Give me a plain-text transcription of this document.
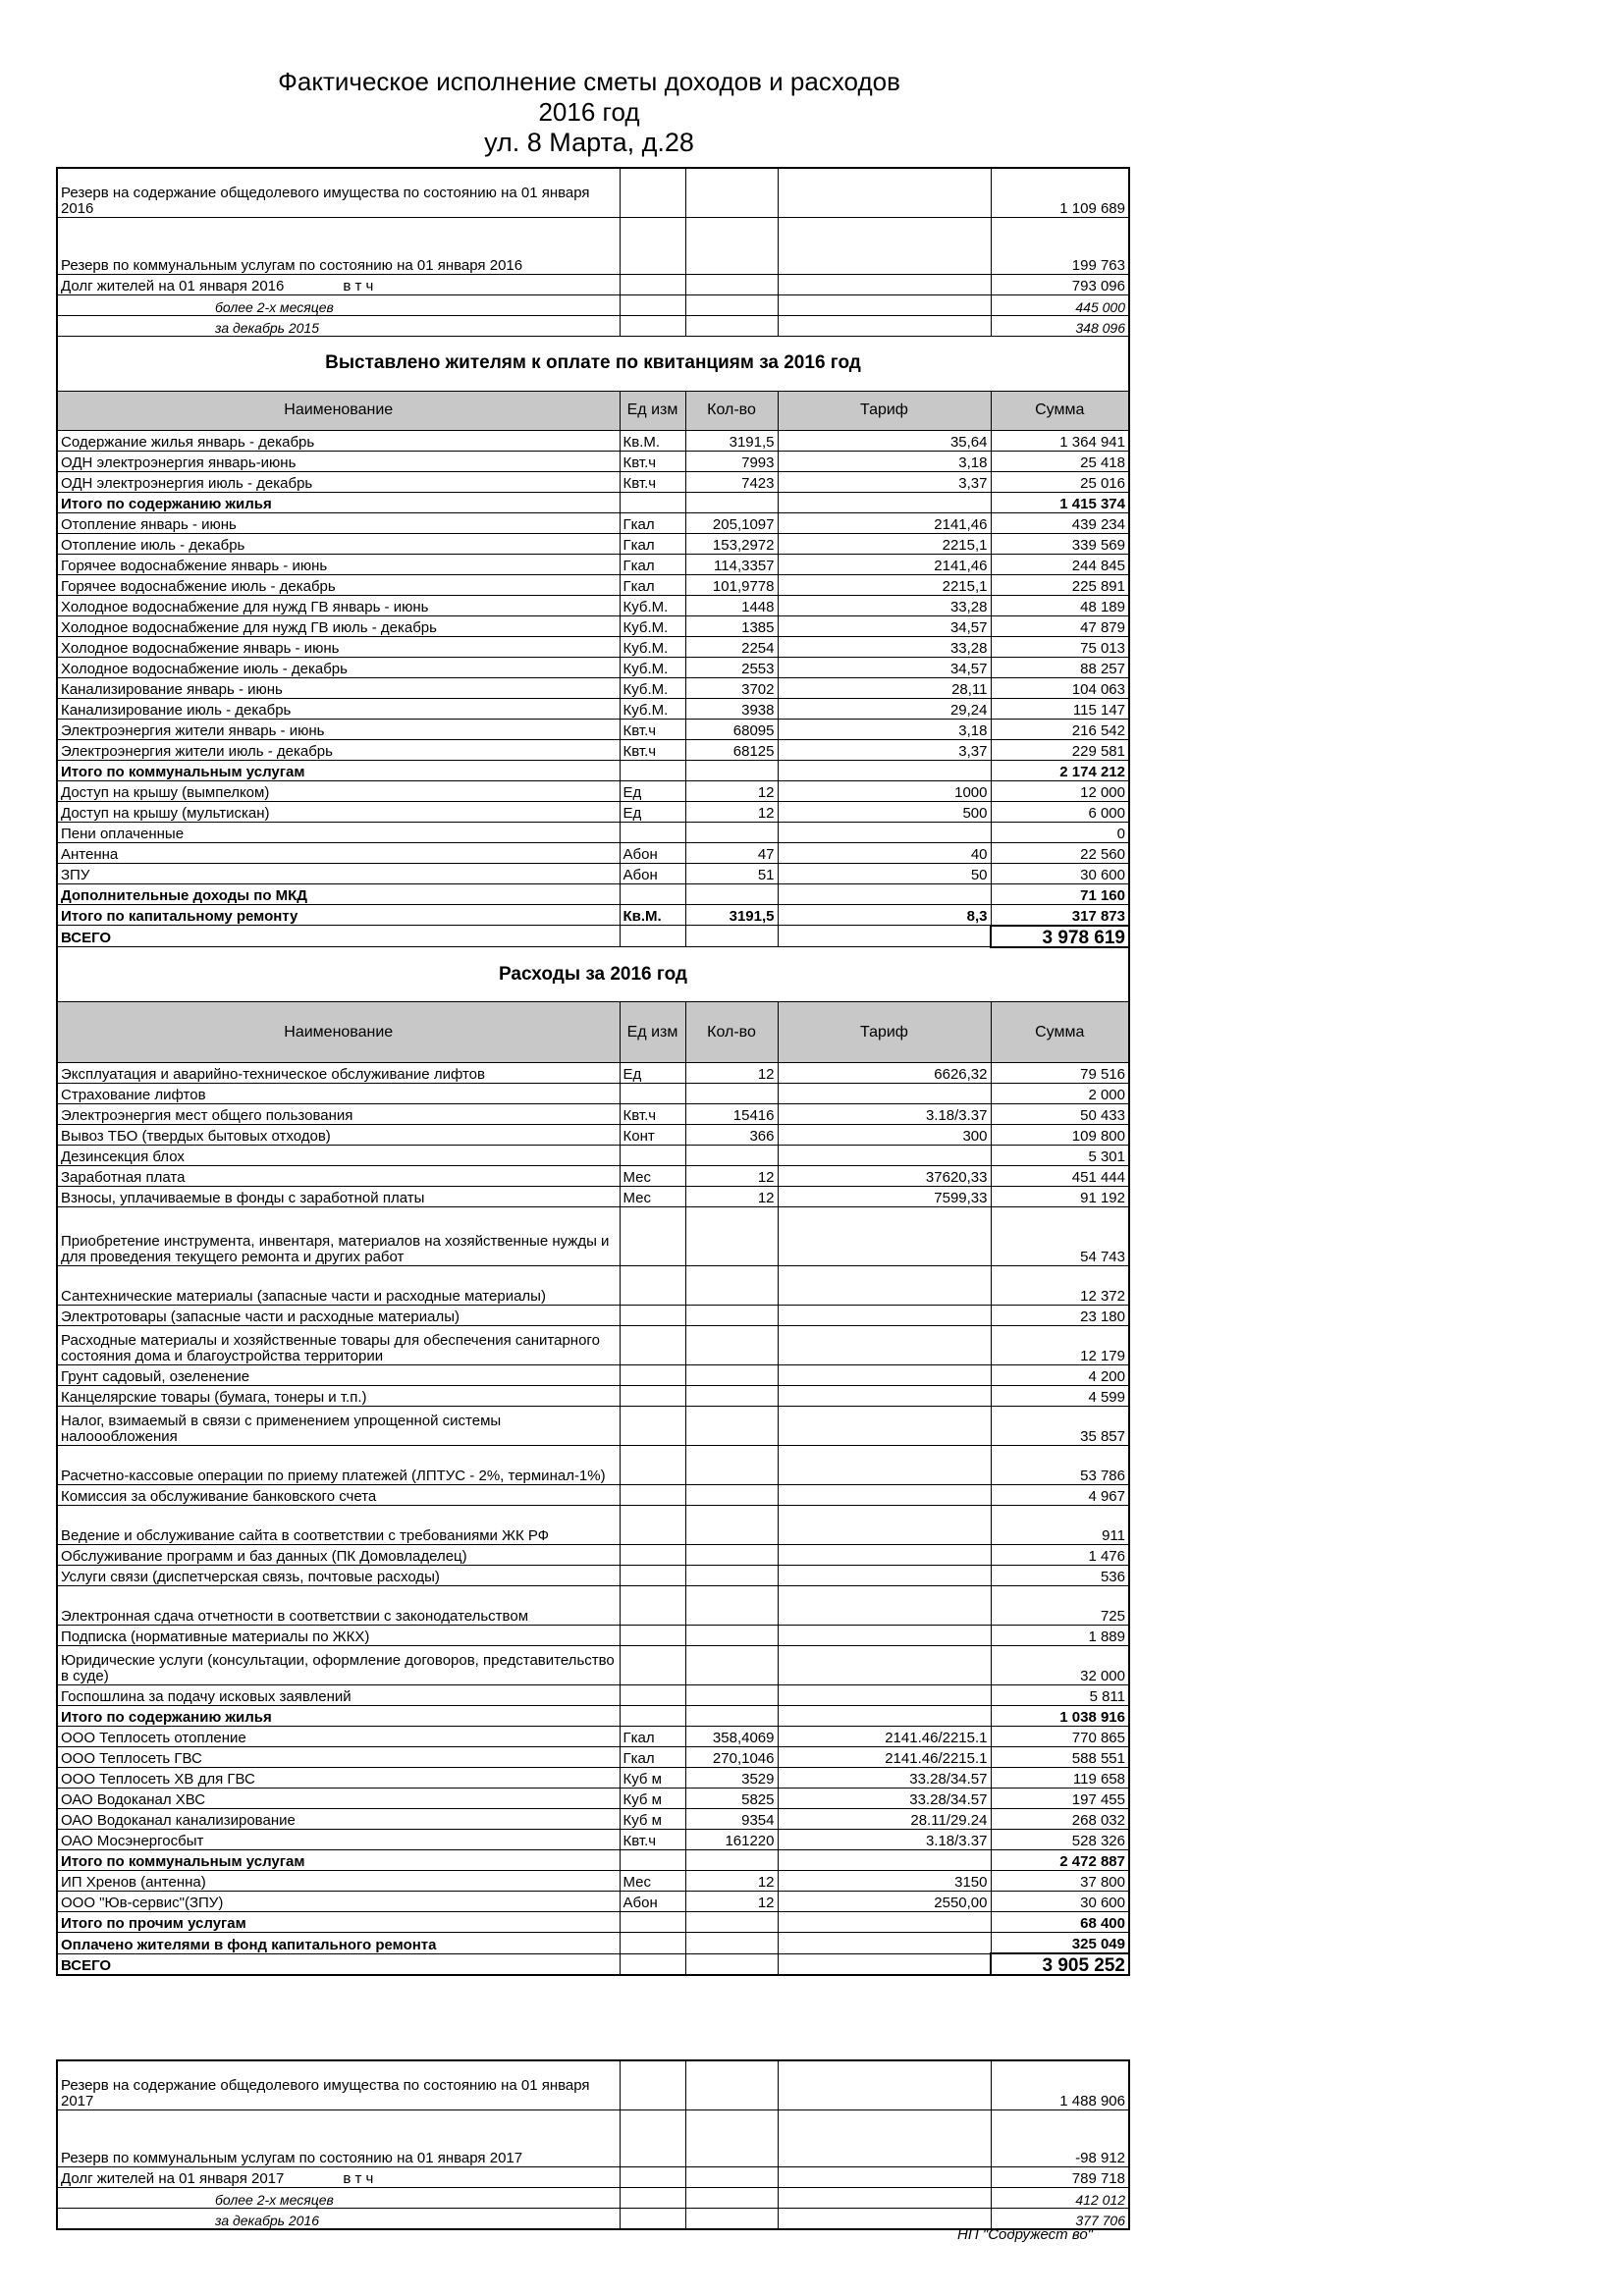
Фактическое исполнение сметы доходов и расходов
2016 год
ул. 8 Марта, д.28
Резерв на содержание общедолевого имущества по состоянию на 01 января 2016				1 109 689
Резерв по коммунальным услугам по состоянию на 01 января 2016				199 763
Долг жителей на 01 января 2016 в т ч				793 096
более 2-х месяцев				445 000
за декабрь 2015				348 096
Выставлено жителям к оплате по квитанциям за 2016 год				
Наименование	Ед изм	Кол-во	Тариф	Сумма
Содержание жилья январь - декабрь	Кв.М.	3191,5	35,64	1 364 941
ОДН электроэнергия январь-июнь	Квт.ч	7993	3,18	25 418
ОДН электроэнергия июль - декабрь	Квт.ч	7423	3,37	25 016
Итого по содержанию жилья				1 415 374
Отопление январь - июнь	Гкал	205,1097	2141,46	439 234
Отопление июль - декабрь	Гкал	153,2972	2215,1	339 569
Горячее водоснабжение январь - июнь	Гкал	114,3357	2141,46	244 845
Горячее водоснабжение июль - декабрь	Гкал	101,9778	2215,1	225 891
Холодное водоснабжение для нужд ГВ январь - июнь	Куб.М.	1448	33,28	48 189
Холодное водоснабжение для нужд ГВ июль - декабрь	Куб.М.	1385	34,57	47 879
Холодное водоснабжение январь - июнь	Куб.М.	2254	33,28	75 013
Холодное водоснабжение июль - декабрь	Куб.М.	2553	34,57	88 257
Канализирование январь - июнь	Куб.М.	3702	28,11	104 063
Канализирование июль - декабрь	Куб.М.	3938	29,24	115 147
Электроэнергия жители январь - июнь	Квт.ч	68095	3,18	216 542
Электроэнергия жители июль - декабрь	Квт.ч	68125	3,37	229 581
Итого по коммунальным услугам				2 174 212
Доступ на крышу (вымпелком)	Ед	12	1000	12 000
Доступ на крышу (мультискан)	Ед	12	500	6 000
Пени оплаченные				0
Антенна	Абон	47	40	22 560
ЗПУ	Абон	51	50	30 600
Дополнительные доходы по МКД				71 160
Итого по капитальному ремонту	Кв.М.	3191,5	8,3	317 873
ВСЕГО				3 978 619
Расходы за 2016 год				
Наименование	Ед изм	Кол-во	Тариф	Сумма
Эксплуатация и аварийно-техническое обслуживание лифтов	Ед	12	6626,32	79 516
Страхование лифтов				2 000
Электроэнергия мест общего пользования	Квт.ч	15416	3.18/3.37	50 433
Вывоз ТБО (твердых бытовых отходов)	Конт	366	300	109 800
Дезинсекция блох				5 301
Заработная плата	Мес	12	37620,33	451 444
Взносы, уплачиваемые в фонды с заработной платы	Мес	12	7599,33	91 192
Приобретение инструмента, инвентаря, материалов на хозяйственные нужды и для проведения текущего ремонта и других работ				54 743
Сантехнические материалы (запасные части и расходные материалы)				12 372
Электротовары (запасные части и расходные материалы)				23 180
Расходные материалы и хозяйственные товары для обеспечения санитарного состояния дома и благоустройства территории				12 179
Грунт садовый, озеленение				4 200
Канцелярские товары (бумага, тонеры и т.п.)				4 599
Налог, взимаемый в связи с применением упрощенной системы налоообложения				35 857
Расчетно-кассовые операции по приему платежей (ЛПТУС - 2%, терминал-1%)				53 786
Комиссия за обслуживание банковского счета				4 967
Ведение и обслуживание сайта в соответствии с требованиями ЖК РФ				911
Обслуживание программ и баз данных (ПК Домовладелец)				1 476
Услуги связи (диспетчерская связь, почтовые расходы)				536
Электронная сдача отчетности в соответствии с законодательством				725
Подписка (нормативные материалы по ЖКХ)				1 889
Юридические услуги (консультации, оформление договоров, представительство в суде)				32 000
Госпошлина за подачу исковых заявлений				5 811
Итого по содержанию жилья				1 038 916
ООО Теплосеть отопление	Гкал	358,4069	2141.46/2215.1	770 865
ООО Теплосеть ГВС	Гкал	270,1046	2141.46/2215.1	588 551
ООО Теплосеть ХВ для ГВС	Куб м	3529	33.28/34.57	119 658
ОАО Водоканал ХВС	Куб м	5825	33.28/34.57	197 455
ОАО Водоканал канализирование	Куб м	9354	28.11/29.24	268 032
ОАО Мосэнергосбыт	Квт.ч	161220	3.18/3.37	528 326
Итого по коммунальным услугам				2 472 887
ИП Хренов (антенна)	Мес	12	3150	37 800
ООО "Юв-сервис"(ЗПУ)	Абон	12	2550,00	30 600
Итого по прочим услугам				68 400
Оплачено жителями в фонд капитального ремонта				325 049
ВСЕГО				3 905 252
Резерв на содержание общедолевого имущества по состоянию на 01 января 2017				1 488 906
Резерв по коммунальным услугам по состоянию на 01 января 2017				-98 912
Долг жителей на 01 января 2017 в т ч				789 718
более 2-х месяцев				412 012
за декабрь 2016				377 706
НП "Содружест во"
